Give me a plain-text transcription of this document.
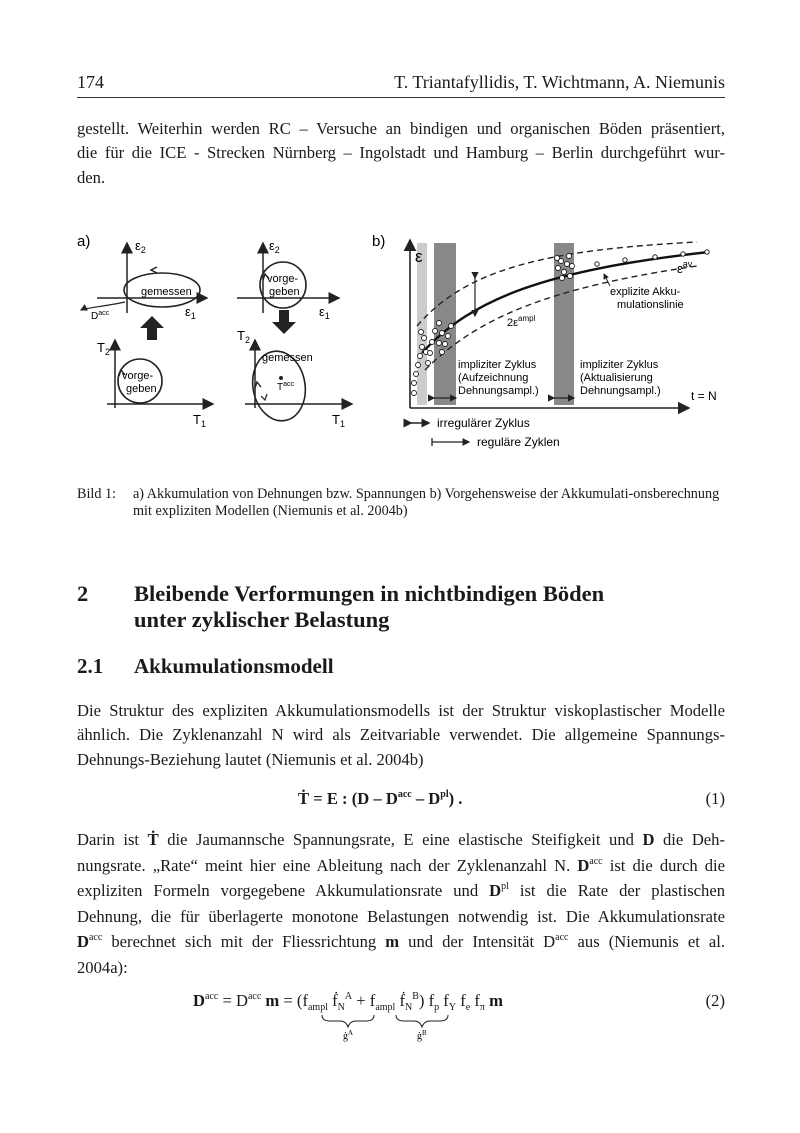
174	T. Triantafyllidis, T. Wichtmann, A. Niemunis
gestellt. Weiterhin werden RC – Versuche an bindigen und organischen Böden präsentiert,
die für die ICE - Strecken Nürnberg – Ingolstadt und Hamburg – Berlin durchgeführt wur-
den.
a)	$\varepsilon_2$
$\varepsilon_1$
gemessen
$D^{acc}$
$T_2$
$T_1$
vorge-
geben
$\varepsilon_2$
$\varepsilon_1$
vorge-
geben
$T_2$
$T_1$
gemessen
$T^{acc}$
b)
ε
t = N
$2\varepsilon^{ampl}$
$\varepsilon^{av}$
explizite Akku-
mulationslinie
impliziter Zyklus
(Aufzeichnung
Dehnungsampl.)
impliziter Zyklus
(Aktualisierung
Dehnungsampl.)
irregulärer Zyklus
reguläre Zyklen
Bild 1: a) Akkumulation von Dehnungen bzw. Spannungen b) Vorgehensweise der Akkumulati-onsberechnung mit expliziten Modellen (Niemunis et al. 2004b)
2 Bleibende Verformungen in nichtbindigen Böden
unter zyklischer Belastung
2.1 Akkumulationsmodell
Die Struktur des expliziten Akkumulationsmodells ist der Struktur viskoplastischer Modelle
ähnlich. Die Zyklenanzahl N wird als Zeitvariable verwendet. Die allgemeine Spannungs-
Dehnungs-Beziehung lautet (Niemunis et al. 2004b)
Ṫ = E : $(D - D^{acc} - D^{pl})$ .	(1)
Darin ist Ṫ die Jaumannsche Spannungsrate, E eine elastische Steifigkeit und D die Deh-
nungsrate. „Rate“ meint hier eine Ableitung nach der Zyklenanzahl N. $D^{acc}$ ist die durch die
expliziten Formeln vorgegebene Akkumulationsrate und $D^{pl}$ ist die Rate der plastischen
Dehnung, die für überlagerte monotone Belastungen notwendig ist. Die Akkumulationsrate
$D^{acc}$ berechnet sich mit der Fliessrichtung m und der Intensität $D^{acc}$ aus (Niemunis et al.
2004a):
$D^{acc} = D^{acc}$ $m = (f_{ampl}$ ḟ$_N^A$ + $f_{ampl}$ ḟ$_N^B$) $f_p$ $f_Y$ $f_e$ $f_\pi$ m
$ġ^A$	$ġ^B$
(2)
